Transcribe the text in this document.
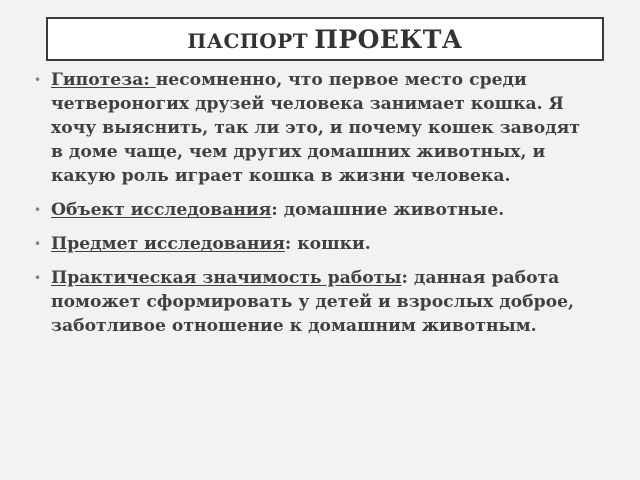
ПАСПОРТ ПРОЕКТА
• Гипотеза: несомненно, что первое место среди четвероногих друзей человека занимает кошка. Я хочу выяснить, так ли это, и почему кошек заводят в доме чаще, чем других домашних животных, и какую роль играет кошка в жизни человека.
• Объект исследования: домашние животные.
• Предмет исследования: кошки.
• Практическая значимость работы: данная работа поможет сформировать у детей и взрослых доброе, заботливое отношение к домашним животным.
